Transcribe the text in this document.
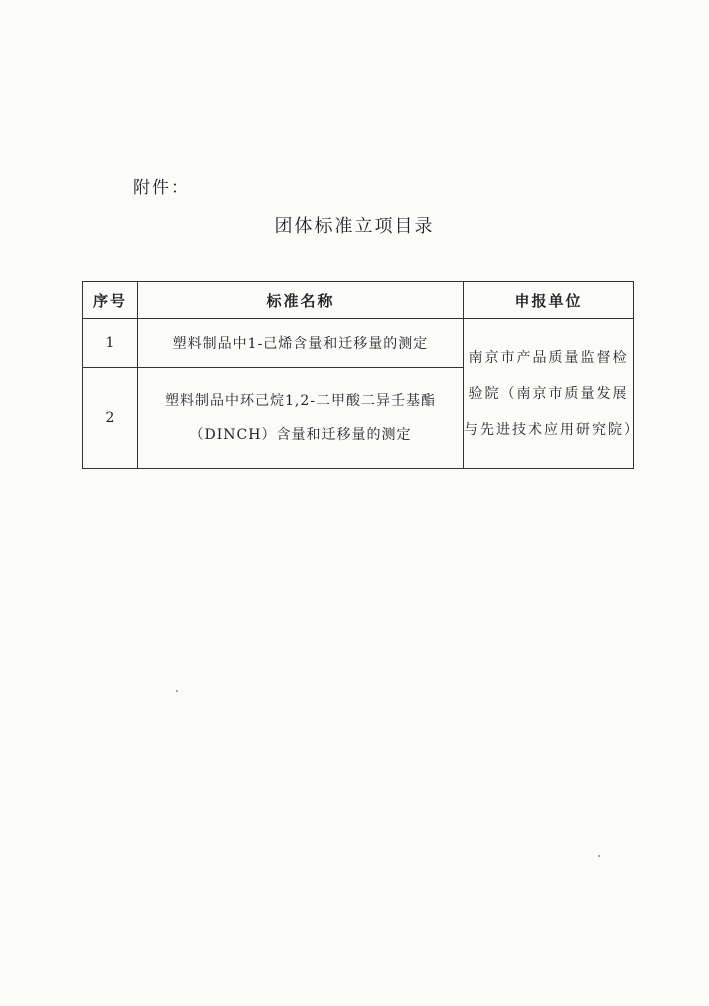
附件：
团体标准立项目录
序号	标准名称	申报单位
1	塑料制品中1-己烯含量和迁移量的测定	南京市产品质量监督检验院（南京市质量发展与先进技术应用研究院）

2	塑料制品中环己烷1,2-二甲酸二异壬基酯（DINCH）含量和迁移量的测定	
